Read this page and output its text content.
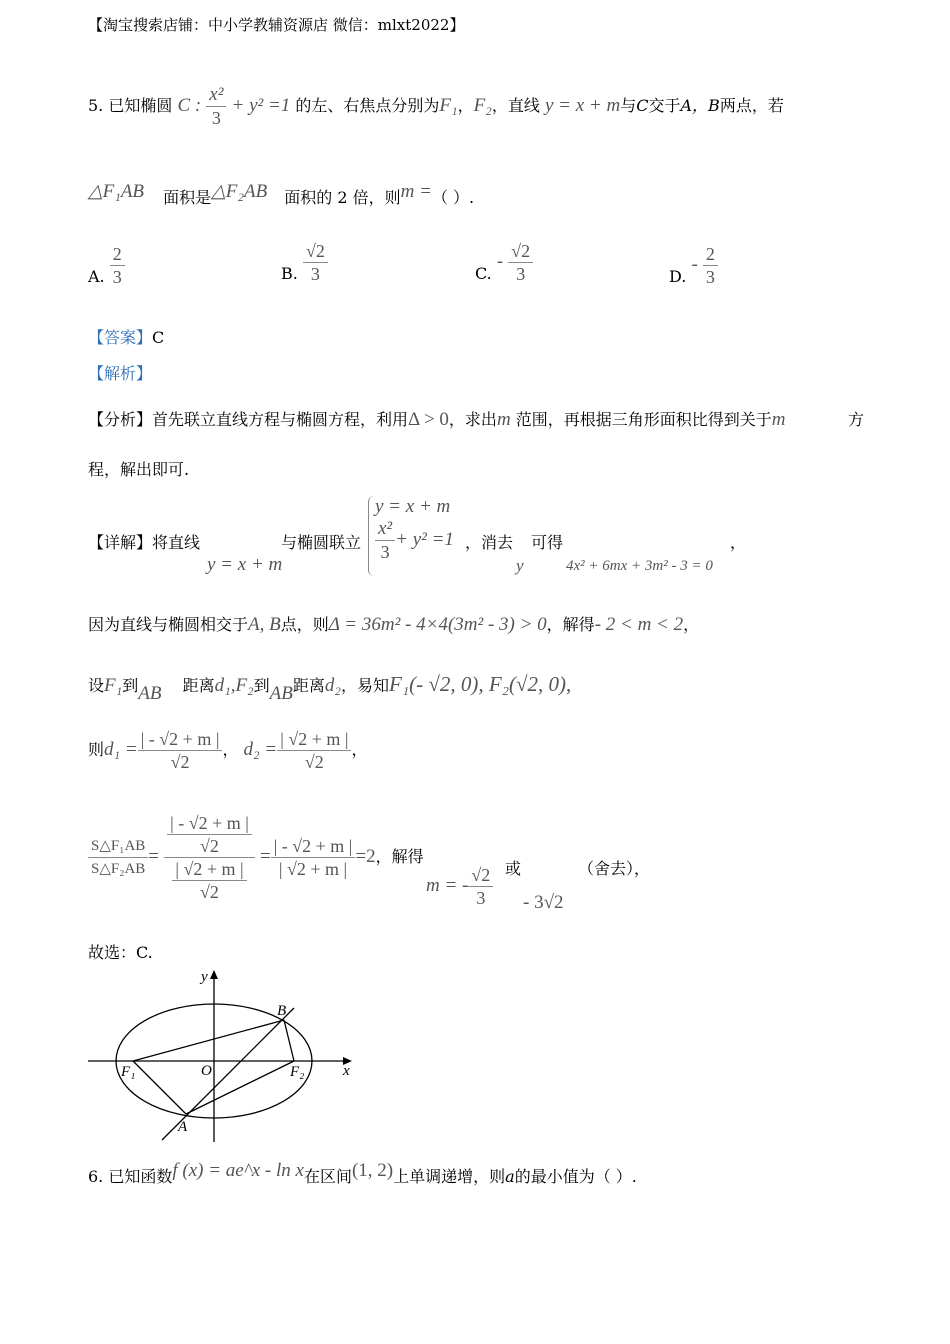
【淘宝搜索店铺：中小学教辅资源店 微信：mlxt2022】
5. 已知椭圆 C : $\frac{\text{x²}}{3} + y^2 =1$ 的左、右焦点分别为F₁，F₂，直线 y = x + m与C交于A，B两点，若
△F₁AB 面积是△F₂AB 面积的 2 倍，则m =（ ）.
A. $\frac{2}{3}$	B. $\frac{√2}{3}$	C. - $\frac{√2}{3}$	D. - $\frac{2}{3}$
【答案】C
【解析】
【分析】首先联立直线方程与椭圆方程，利用Δ > 0，求出m 范围，再根据三角形面积比得到关于m	方
程，解出即可.
【详解】将直线
y = x + m
与椭圆联立
y = x + m
$\frac{\text{x²}}{3} + y^2 =1$ ，消去
y
可得
4x² + 6mx + 3m² - 3 = 0
，
因为直线与椭圆相交于A, B点，则Δ = 36m² - 4×4(3m² - 3) > 0，解得- 2 < m < 2，
设F₁到AB 距离d₁,F₂到AB距离d₂，易知F₁(- √2, 0), F₂(√2, 0),
则$d_1 = \frac{| - √2 + m |}{√2}$ ， $d_2 = \frac{| √2 + m |}{√2}$ ，
$\frac{\text{S△F₁AB}}{\text{S△F₂AB}} = \frac{\frac{| - √2 + m |}{√2}}{\frac{| √2 + m |}{√2}} = \frac{| - √2 + m |}{| √2 + m |} =2$，解得
m = - $\frac{√2}{3}$ 或
- 3√2
（舍去），
故选：C.
y
x
O
B
A
F₁	F₂
6. 已知函数f (x) = ae^x - ln x在区间(1, 2)上单调递增，则a的最小值为（ ）.
